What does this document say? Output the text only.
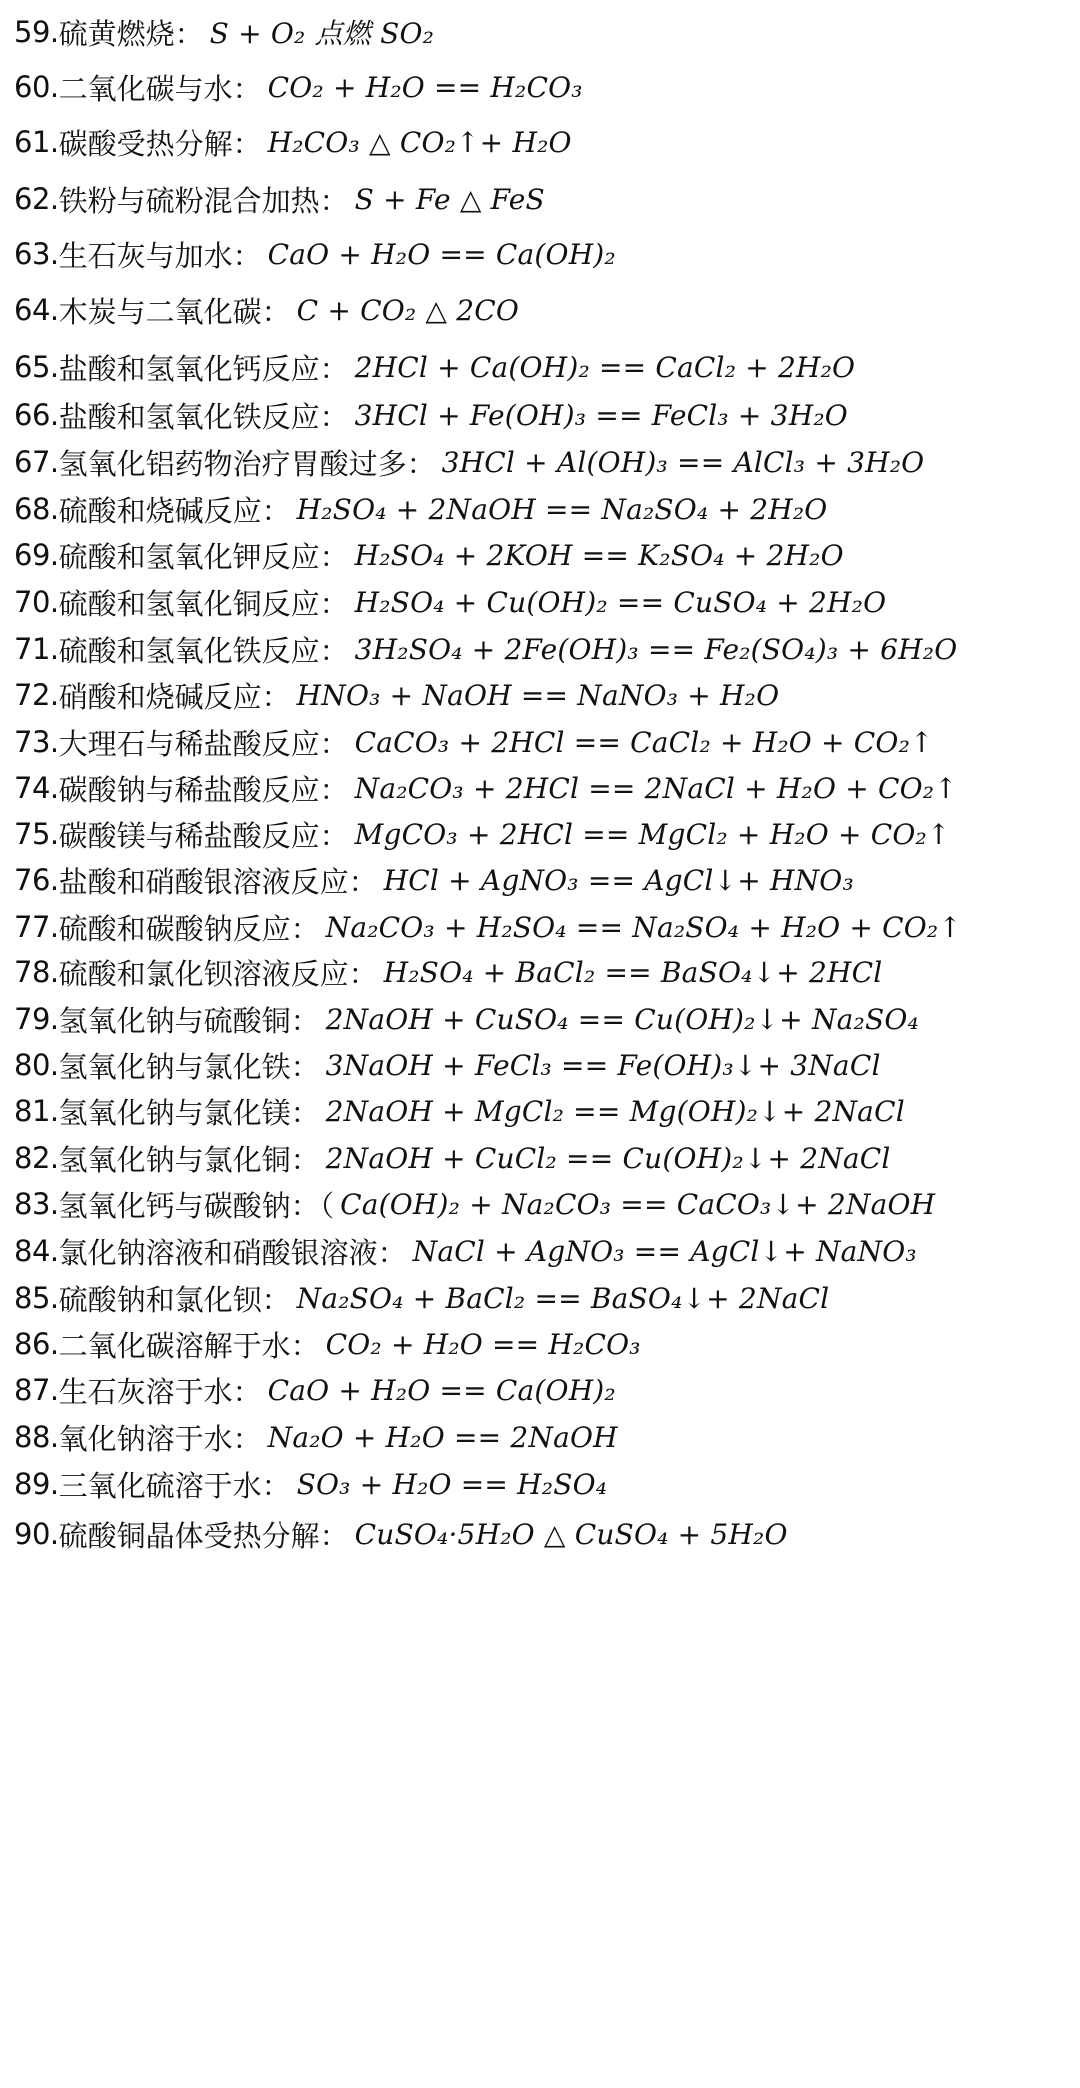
59. 硫黄燃烧： S + O₂ 点燃 SO₂
60. 二氧化碳与水： CO₂ + H₂O == H₂CO₃
61. 碳酸受热分解： H₂CO₃ △ CO₂↑+ H₂O
62. 铁粉与硫粉混合加热： S + Fe △ FeS
63. 生石灰与加水： CaO + H₂O == Ca(OH)₂
64. 木炭与二氧化碳： C + CO₂ △ 2CO
65. 盐酸和氢氧化钙反应： 2HCl + Ca(OH)₂ == CaCl₂ + 2H₂O
66. 盐酸和氢氧化铁反应： 3HCl + Fe(OH)₃ == FeCl₃ + 3H₂O
67. 氢氧化铝药物治疗胃酸过多： 3HCl + Al(OH)₃ == AlCl₃ + 3H₂O
68. 硫酸和烧碱反应： H₂SO₄ + 2NaOH == Na₂SO₄ + 2H₂O
69. 硫酸和氢氧化钾反应： H₂SO₄ + 2KOH == K₂SO₄ + 2H₂O
70. 硫酸和氢氧化铜反应： H₂SO₄ + Cu(OH)₂ == CuSO₄ + 2H₂O
71. 硫酸和氢氧化铁反应： 3H₂SO₄ + 2Fe(OH)₃ == Fe₂(SO₄)₃ + 6H₂O
72. 硝酸和烧碱反应： HNO₃ + NaOH == NaNO₃ + H₂O
73. 大理石与稀盐酸反应： CaCO₃ + 2HCl == CaCl₂ + H₂O + CO₂↑
74. 碳酸钠与稀盐酸反应： Na₂CO₃ + 2HCl == 2NaCl + H₂O + CO₂↑
75. 碳酸镁与稀盐酸反应： MgCO₃ + 2HCl == MgCl₂ + H₂O + CO₂↑
76. 盐酸和硝酸银溶液反应： HCl + AgNO₃ == AgCl↓+ HNO₃
77. 硫酸和碳酸钠反应： Na₂CO₃ + H₂SO₄ == Na₂SO₄ + H₂O + CO₂↑
78. 硫酸和氯化钡溶液反应： H₂SO₄ + BaCl₂ == BaSO₄↓+ 2HCl
79. 氢氧化钠与硫酸铜： 2NaOH + CuSO₄ == Cu(OH)₂↓+ Na₂SO₄
80. 氢氧化钠与氯化铁： 3NaOH + FeCl₃ == Fe(OH)₃↓+ 3NaCl
81. 氢氧化钠与氯化镁： 2NaOH + MgCl₂ == Mg(OH)₂↓+ 2NaCl
82. 氢氧化钠与氯化铜： 2NaOH + CuCl₂ == Cu(OH)₂↓+ 2NaCl
83. 氢氧化钙与碳酸钠：（ Ca(OH)₂ + Na₂CO₃ == CaCO₃↓+ 2NaOH
84. 氯化钠溶液和硝酸银溶液： NaCl + AgNO₃ == AgCl↓+ NaNO₃
85. 硫酸钠和氯化钡： Na₂SO₄ + BaCl₂ == BaSO₄↓+ 2NaCl
86. 二氧化碳溶解于水： CO₂ + H₂O == H₂CO₃
87. 生石灰溶于水： CaO + H₂O == Ca(OH)₂
88. 氧化钠溶于水： Na₂O + H₂O == 2NaOH
89. 三氧化硫溶于水： SO₃ + H₂O == H₂SO₄
90. 硫酸铜晶体受热分解： CuSO₄·5H₂O △ CuSO₄ + 5H₂O
